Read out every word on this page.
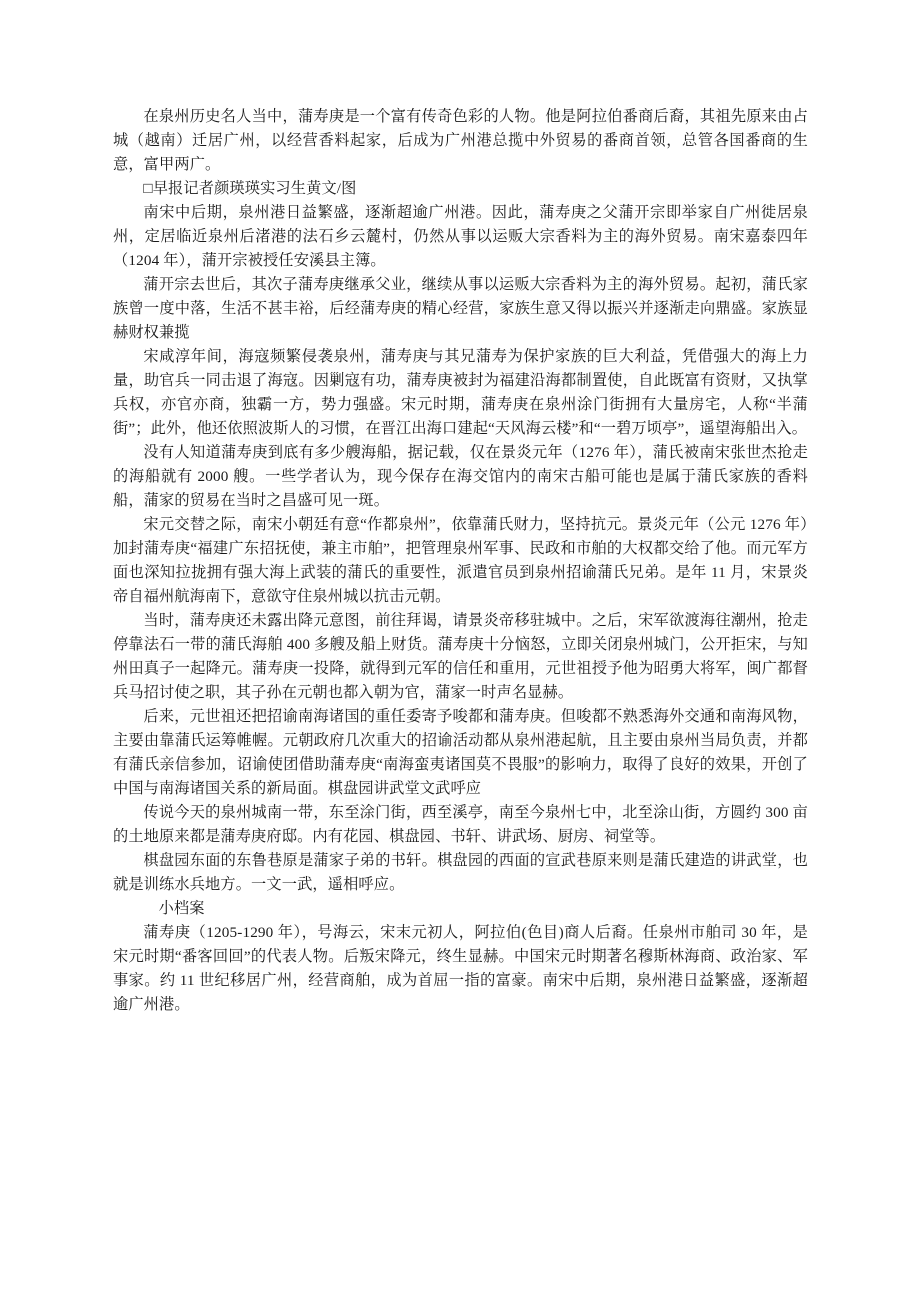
在泉州历史名人当中，蒲寿庚是一个富有传奇色彩的人物。他是阿拉伯番商后裔，其祖先原来由占城（越南）迁居广州，以经营香料起家，后成为广州港总揽中外贸易的番商首领，总管各国番商的生意，富甲两广。

□早报记者颜瑛瑛实习生黄文/图

南宋中后期，泉州港日益繁盛，逐渐超逾广州港。因此，蒲寿庚之父蒲开宗即举家自广州徙居泉州，定居临近泉州后渚港的法石乡云麓村，仍然从事以运贩大宗香料为主的海外贸易。南宋嘉泰四年（1204 年），蒲开宗被授任安溪县主簿。

蒲开宗去世后，其次子蒲寿庚继承父业，继续从事以运贩大宗香料为主的海外贸易。起初，蒲氏家族曾一度中落，生活不甚丰裕，后经蒲寿庚的精心经营，家族生意又得以振兴并逐渐走向鼎盛。家族显赫财权兼揽

宋咸淳年间，海寇频繁侵袭泉州，蒲寿庚与其兄蒲寿为保护家族的巨大利益，凭借强大的海上力量，助官兵一同击退了海寇。因剿寇有功，蒲寿庚被封为福建沿海都制置使，自此既富有资财，又执掌兵权，亦官亦商，独霸一方，势力强盛。宋元时期，蒲寿庚在泉州涂门街拥有大量房宅，人称“半蒲街”；此外，他还依照波斯人的习惯，在晋江出海口建起“天风海云楼”和“一碧万顷亭”，遥望海船出入。

没有人知道蒲寿庚到底有多少艘海船，据记载，仅在景炎元年（1276 年），蒲氏被南宋张世杰抢走的海船就有 2000 艘。一些学者认为，现今保存在海交馆内的南宋古船可能也是属于蒲氏家族的香料船，蒲家的贸易在当时之昌盛可见一斑。

宋元交替之际，南宋小朝廷有意“作都泉州”，依靠蒲氏财力，坚持抗元。景炎元年（公元 1276 年）加封蒲寿庚“福建广东招抚使，兼主市舶”，把管理泉州军事、民政和市舶的大权都交给了他。而元军方面也深知拉拢拥有强大海上武装的蒲氏的重要性，派遣官员到泉州招谕蒲氏兄弟。是年 11 月，宋景炎帝自福州航海南下，意欲守住泉州城以抗击元朝。

当时，蒲寿庚还未露出降元意图，前往拜谒，请景炎帝移驻城中。之后，宋军欲渡海往潮州，抢走停靠法石一带的蒲氏海舶 400 多艘及船上财货。蒲寿庚十分恼怒，立即关闭泉州城门，公开拒宋，与知州田真子一起降元。蒲寿庚一投降，就得到元军的信任和重用，元世祖授予他为昭勇大将军，闽广都督兵马招讨使之职，其子孙在元朝也都入朝为官，蒲家一时声名显赫。

后来，元世祖还把招谕南海诸国的重任委寄予唆都和蒲寿庚。但唆都不熟悉海外交通和南海风物，主要由靠蒲氏运筹帷幄。元朝政府几次重大的招谕活动都从泉州港起航，且主要由泉州当局负责，并都有蒲氏亲信参加，诏谕使团借助蒲寿庚“南海蛮夷诸国莫不畏服”的影响力，取得了良好的效果，开创了中国与南海诸国关系的新局面。棋盘园讲武堂文武呼应

传说今天的泉州城南一带，东至涂门街，西至溪亭，南至今泉州七中，北至涂山街，方圆约 300 亩的土地原来都是蒲寿庚府邸。内有花园、棋盘园、书轩、讲武场、厨房、祠堂等。

棋盘园东面的东鲁巷原是蒲家子弟的书轩。棋盘园的西面的宣武巷原来则是蒲氏建造的讲武堂，也就是训练水兵地方。一文一武，遥相呼应。

小档案

蒲寿庚（1205-1290 年），号海云，宋末元初人，阿拉伯(色目)商人后裔。任泉州市舶司 30 年，是宋元时期“番客回回”的代表人物。后叛宋降元，终生显赫。中国宋元时期著名穆斯林海商、政治家、军事家。约 11 世纪移居广州，经营商舶，成为首屈一指的富豪。南宋中后期，泉州港日益繁盛，逐渐超逾广州港。
